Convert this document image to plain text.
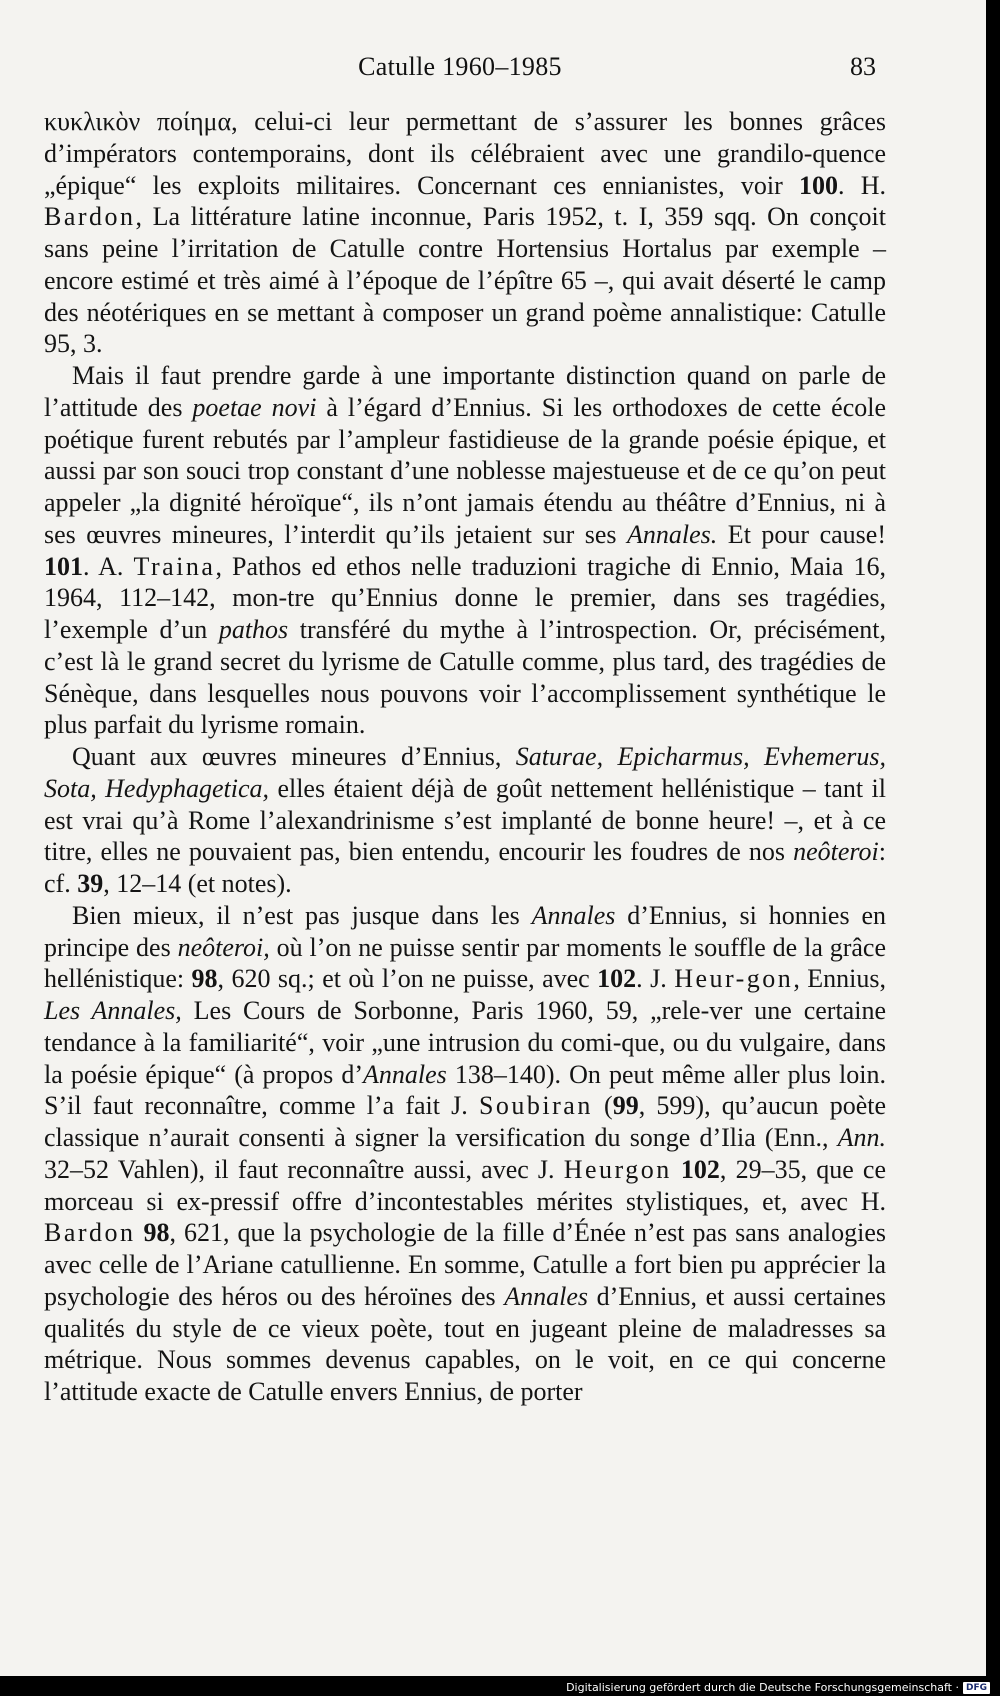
Catulle 1960–1985	83

κυκλικὸν ποίημα, celui-ci leur permettant de s’assurer les bonnes grâces d’impérators contemporains, dont ils célébraient avec une grandilo-quence „épique“ les exploits militaires. Concernant ces ennianistes, voir 100. H. Bardon, La littérature latine inconnue, Paris 1952, t. I, 359 sqq. On conçoit sans peine l’irritation de Catulle contre Hortensius Hortalus par exemple – encore estimé et très aimé à l’époque de l’épître 65 –, qui avait déserté le camp des néotériques en se mettant à composer un grand poème annalistique: Catulle 95, 3.

Mais il faut prendre garde à une importante distinction quand on parle de l’attitude des poetae novi à l’égard d’Ennius. Si les orthodoxes de cette école poétique furent rebutés par l’ampleur fastidieuse de la grande poésie épique, et aussi par son souci trop constant d’une noblesse majestueuse et de ce qu’on peut appeler „la dignité héroïque“, ils n’ont jamais étendu au théâtre d’Ennius, ni à ses œuvres mineures, l’interdit qu’ils jetaient sur ses Annales. Et pour cause! 101. A. Traina, Pathos ed ethos nelle traduzioni tragiche di Ennio, Maia 16, 1964, 112–142, mon-tre qu’Ennius donne le premier, dans ses tragédies, l’exemple d’un pathos transféré du mythe à l’introspection. Or, précisément, c’est là le grand secret du lyrisme de Catulle comme, plus tard, des tragédies de Sénèque, dans lesquelles nous pouvons voir l’accomplissement synthétique le plus parfait du lyrisme romain.

Quant aux œuvres mineures d’Ennius, Saturae, Epicharmus, Evhemerus, Sota, Hedyphagetica, elles étaient déjà de goût nettement hellénistique – tant il est vrai qu’à Rome l’alexandrinisme s’est implanté de bonne heure! –, et à ce titre, elles ne pouvaient pas, bien entendu, encourir les foudres de nos neôteroi: cf. 39, 12–14 (et notes).

Bien mieux, il n’est pas jusque dans les Annales d’Ennius, si honnies en principe des neôteroi, où l’on ne puisse sentir par moments le souffle de la grâce hellénistique: 98, 620 sq.; et où l’on ne puisse, avec 102. J. Heur-gon, Ennius, Les Annales, Les Cours de Sorbonne, Paris 1960, 59, „rele-ver une certaine tendance à la familiarité“, voir „une intrusion du comi-que, ou du vulgaire, dans la poésie épique“ (à propos d’Annales 138–140). On peut même aller plus loin. S’il faut reconnaître, comme l’a fait J. Soubiran (99, 599), qu’aucun poète classique n’aurait consenti à signer la versification du songe d’Ilia (Enn., Ann. 32–52 Vahlen), il faut reconnaître aussi, avec J. Heurgon 102, 29–35, que ce morceau si ex-pressif offre d’incontestables mérites stylistiques, et, avec H. Bardon 98, 621, que la psychologie de la fille d’Énée n’est pas sans analogies avec celle de l’Ariane catullienne. En somme, Catulle a fort bien pu apprécier la psychologie des héros ou des héroïnes des Annales d’Ennius, et aussi certaines qualités du style de ce vieux poète, tout en jugeant pleine de maladresses sa métrique. Nous sommes devenus capables, on le voit, en ce qui concerne l’attitude exacte de Catulle envers Ennius, de porter

Digitalisierung gefördert durch die Deutsche Forschungsgemeinschaft · DFG
